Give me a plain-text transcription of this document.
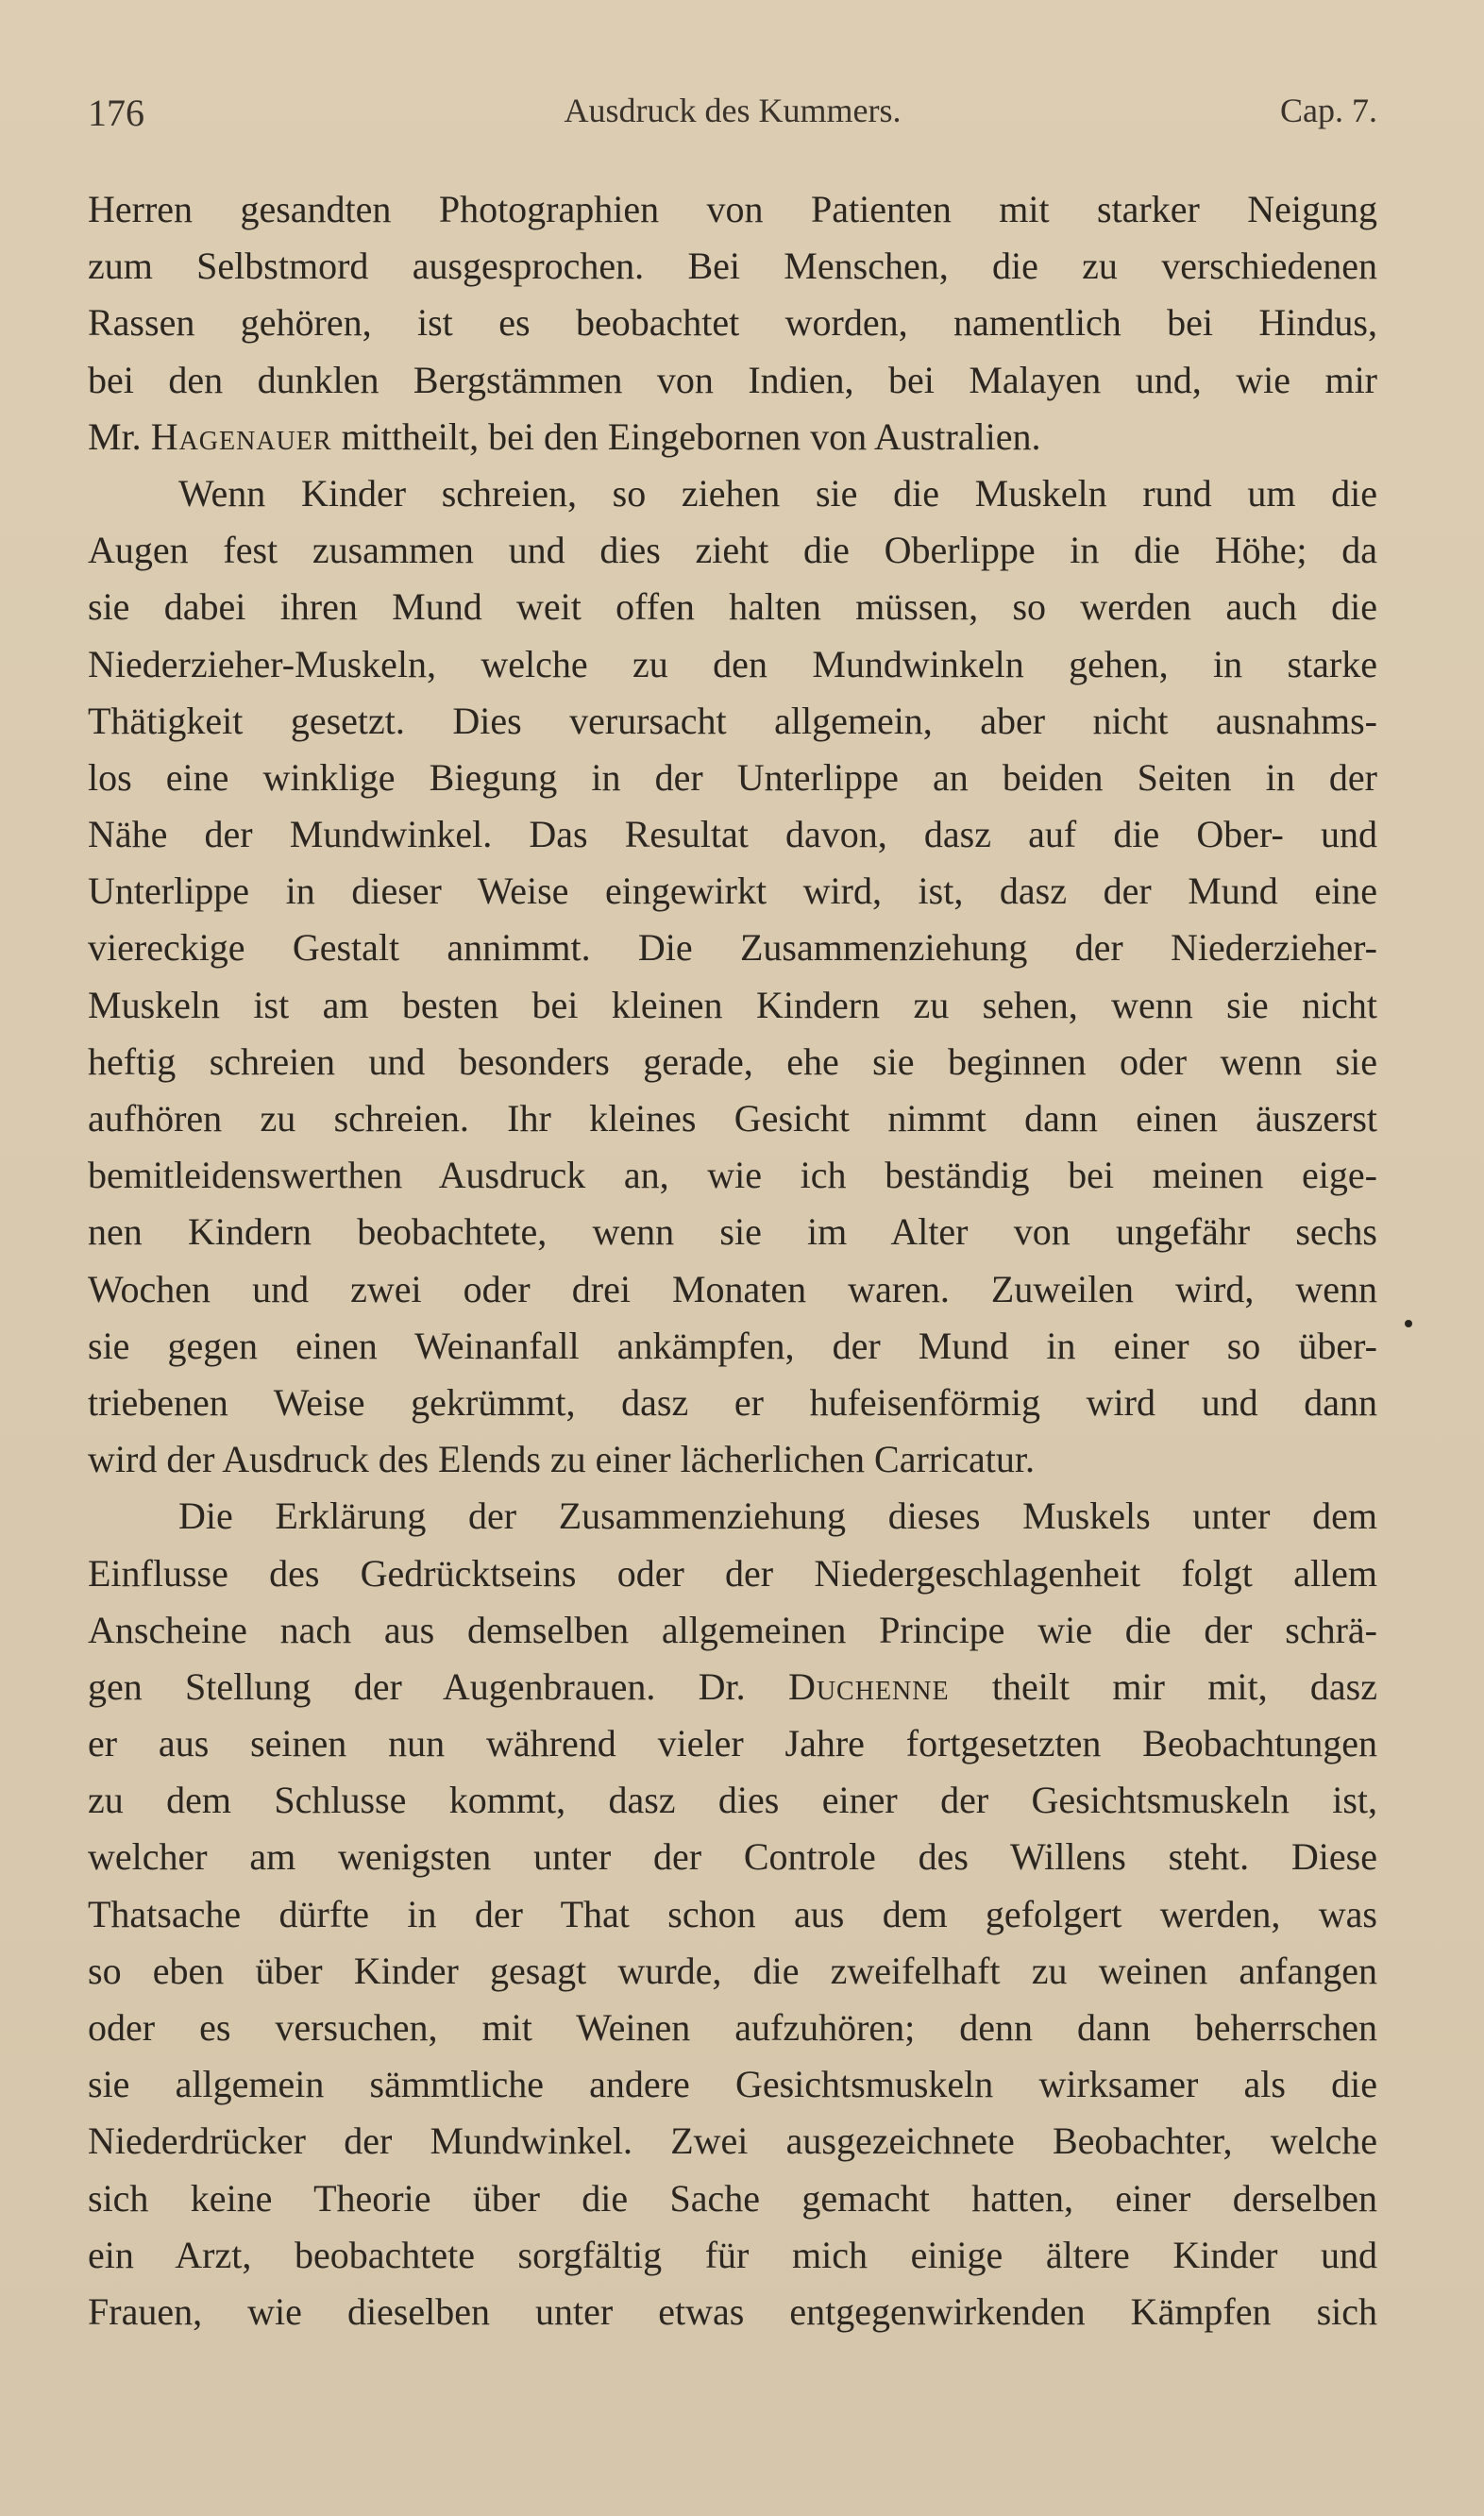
176	Ausdruck des Kummers.	Cap. 7.
Herren gesandten Photographien von Patienten mit starker Neigung
zum Selbstmord ausgesprochen. Bei Menschen, die zu verschiedenen
Rassen gehören, ist es beobachtet worden, namentlich bei Hindus,
bei den dunklen Bergstämmen von Indien, bei Malayen und, wie mir
Mr. Hagenauer mittheilt, bei den Eingebornen von Australien.
Wenn Kinder schreien, so ziehen sie die Muskeln rund um die
Augen fest zusammen und dies zieht die Oberlippe in die Höhe; da
sie dabei ihren Mund weit offen halten müssen, so werden auch die
Niederzieher-Muskeln, welche zu den Mundwinkeln gehen, in starke
Thätigkeit gesetzt. Dies verursacht allgemein, aber nicht ausnahms-
los eine winklige Biegung in der Unterlippe an beiden Seiten in der
Nähe der Mundwinkel. Das Resultat davon, dasz auf die Ober- und
Unterlippe in dieser Weise eingewirkt wird, ist, dasz der Mund eine
viereckige Gestalt annimmt. Die Zusammenziehung der Niederzieher-
Muskeln ist am besten bei kleinen Kindern zu sehen, wenn sie nicht
heftig schreien und besonders gerade, ehe sie beginnen oder wenn sie
aufhören zu schreien. Ihr kleines Gesicht nimmt dann einen äuszerst
bemitleidenswerthen Ausdruck an, wie ich beständig bei meinen eige-
nen Kindern beobachtete, wenn sie im Alter von ungefähr sechs
Wochen und zwei oder drei Monaten waren. Zuweilen wird, wenn
sie gegen einen Weinanfall ankämpfen, der Mund in einer so über-
triebenen Weise gekrümmt, dasz er hufeisenförmig wird und dann
wird der Ausdruck des Elends zu einer lächerlichen Carricatur.
Die Erklärung der Zusammenziehung dieses Muskels unter dem
Einflusse des Gedrücktseins oder der Niedergeschlagenheit folgt allem
Anscheine nach aus demselben allgemeinen Principe wie die der schrä-
gen Stellung der Augenbrauen. Dr. Duchenne theilt mir mit, dasz
er aus seinen nun während vieler Jahre fortgesetzten Beobachtungen
zu dem Schlusse kommt, dasz dies einer der Gesichtsmuskeln ist,
welcher am wenigsten unter der Controle des Willens steht. Diese
Thatsache dürfte in der That schon aus dem gefolgert werden, was
so eben über Kinder gesagt wurde, die zweifelhaft zu weinen anfangen
oder es versuchen, mit Weinen aufzuhören; denn dann beherrschen
sie allgemein sämmtliche andere Gesichtsmuskeln wirksamer als die
Niederdrücker der Mundwinkel. Zwei ausgezeichnete Beobachter, welche
sich keine Theorie über die Sache gemacht hatten, einer derselben
ein Arzt, beobachtete sorgfältig für mich einige ältere Kinder und
Frauen, wie dieselben unter etwas entgegenwirkenden Kämpfen sich
